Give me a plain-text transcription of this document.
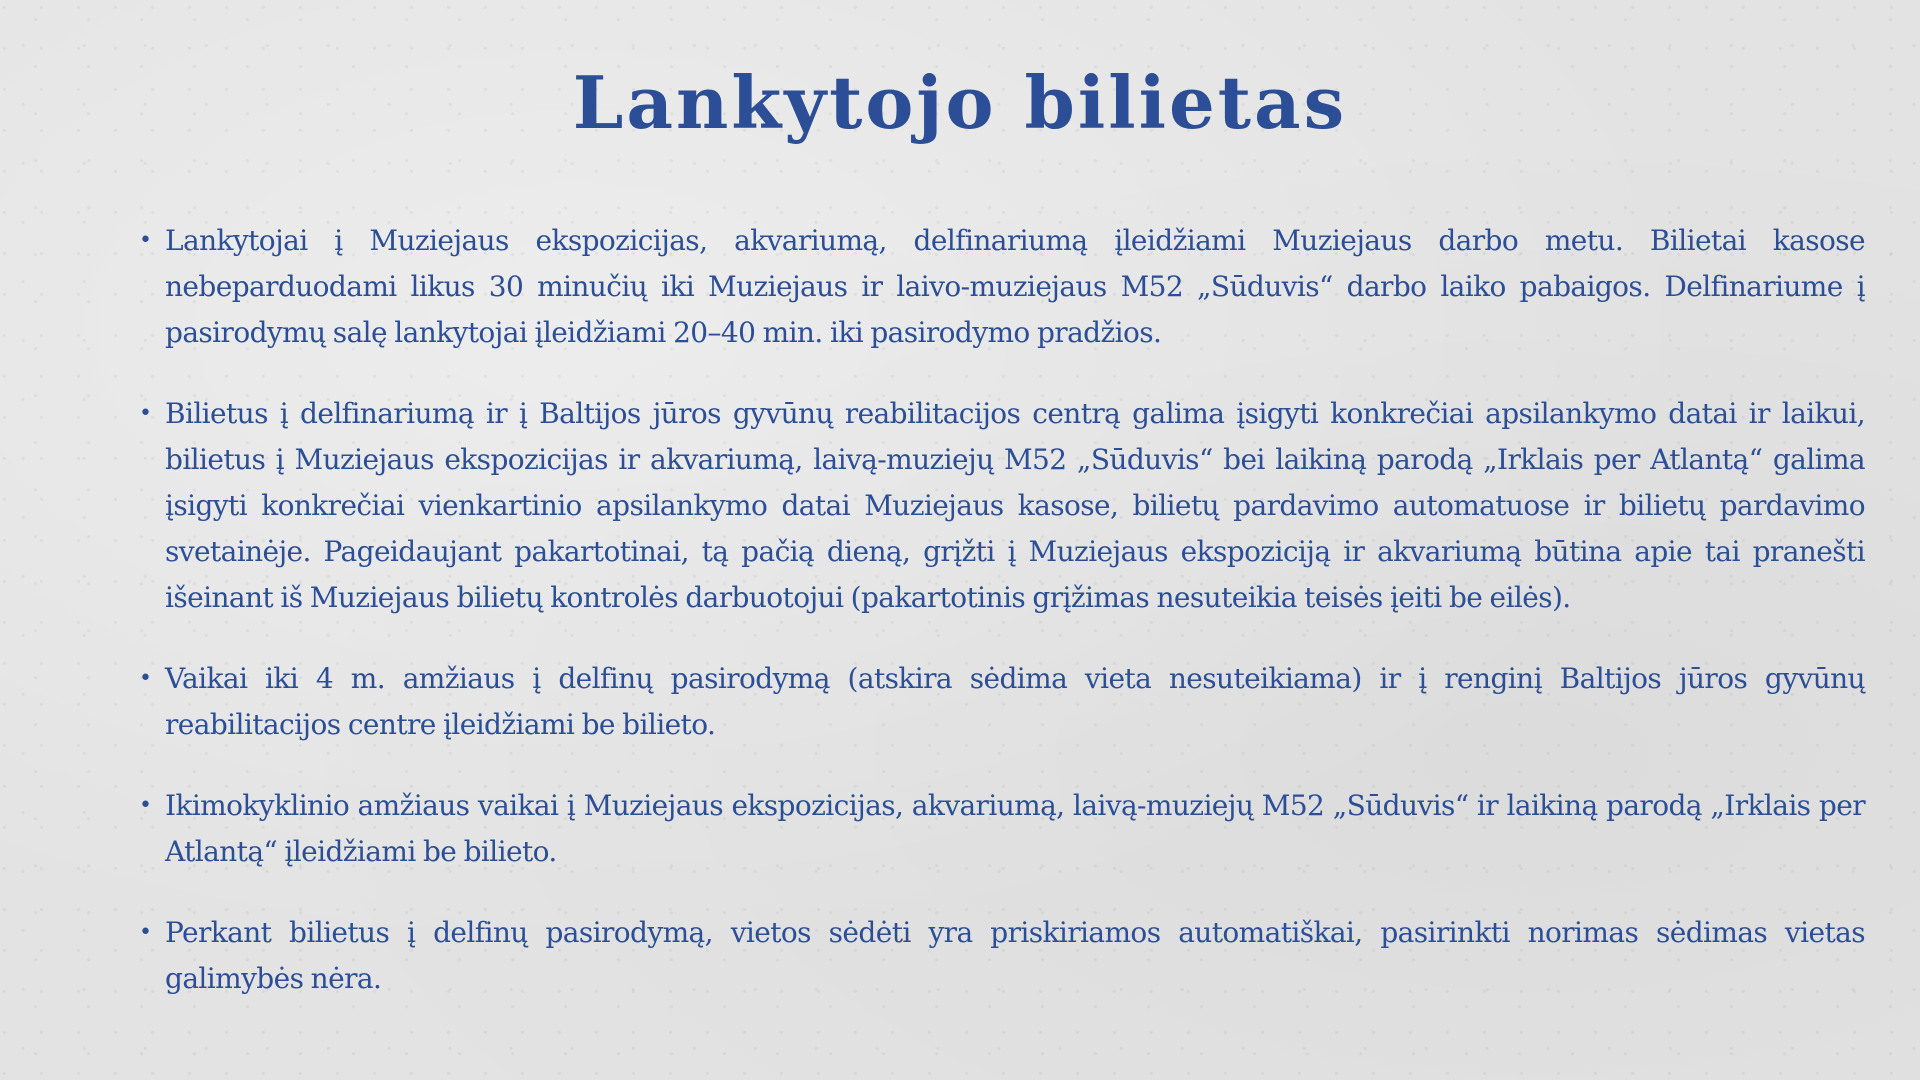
Lankytojo bilietas
• Lankytojai į Muziejaus ekspozicijas, akvariumą, delfinariumą įleidžiami Muziejaus darbo metu. Bilietai kasose nebeparduodami likus 30 minučių iki Muziejaus ir laivo-muziejaus M52 „Sūduvis“ darbo laiko pabaigos. Delfinariume į pasirodymų salę lankytojai įleidžiami 20–40 min. iki pasirodymo pradžios.
• Bilietus į delfinariumą ir į Baltijos jūros gyvūnų reabilitacijos centrą galima įsigyti konkrečiai apsilankymo datai ir laikui, bilietus į Muziejaus ekspozicijas ir akvariumą, laivą-muziejų M52 „Sūduvis“ bei laikiną parodą „Irklais per Atlantą“ galima įsigyti konkrečiai vienkartinio apsilankymo datai Muziejaus kasose, bilietų pardavimo automatuose ir bilietų pardavimo svetainėje. Pageidaujant pakartotinai, tą pačią dieną, grįžti į Muziejaus ekspoziciją ir akvariumą būtina apie tai pranešti išeinant iš Muziejaus bilietų kontrolės darbuotojui (pakartotinis grįžimas nesuteikia teisės įeiti be eilės).
• Vaikai iki 4 m. amžiaus į delfinų pasirodymą (atskira sėdima vieta nesuteikiama) ir į renginį Baltijos jūros gyvūnų reabilitacijos centre įleidžiami be bilieto.
• Ikimokyklinio amžiaus vaikai į Muziejaus ekspozicijas, akvariumą, laivą-muziejų M52 „Sūduvis“ ir laikiną parodą „Irklais per Atlantą“ įleidžiami be bilieto.
• Perkant bilietus į delfinų pasirodymą, vietos sėdėti yra priskiriamos automatiškai, pasirinkti norimas sėdimas vietas galimybės nėra.
